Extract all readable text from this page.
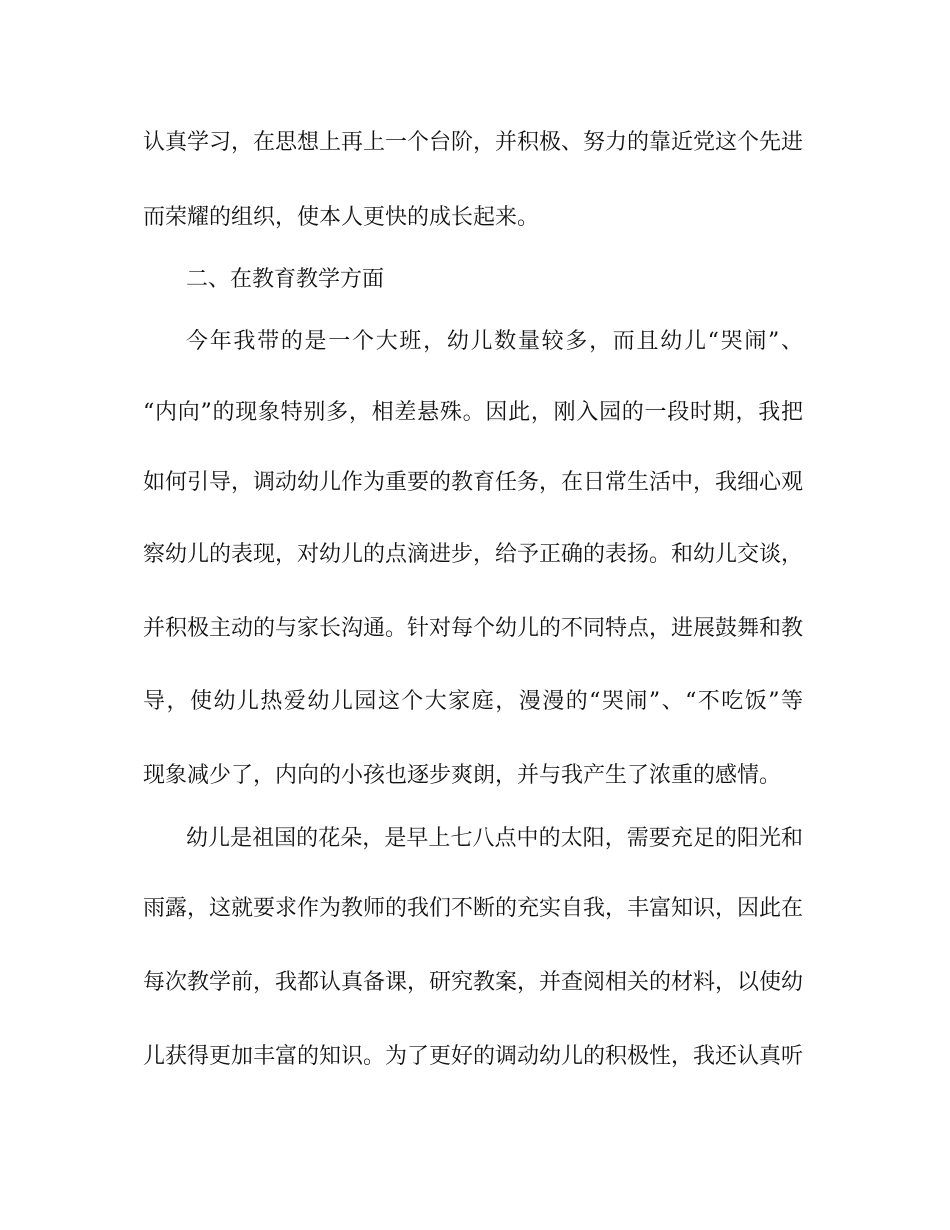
认真学习，在思想上再上一个台阶，并积极、努力的靠近党这个先进
而荣耀的组织，使本人更快的成长起来。
二、在教育教学方面
今年我带的是一个大班，幼儿数量较多，而且幼儿“哭闹”、
“内向”的现象特别多，相差悬殊。因此，刚入园的一段时期，我把
如何引导，调动幼儿作为重要的教育任务，在日常生活中，我细心观
察幼儿的表现，对幼儿的点滴进步，给予正确的表扬。和幼儿交谈，
并积极主动的与家长沟通。针对每个幼儿的不同特点，进展鼓舞和教
导，使幼儿热爱幼儿园这个大家庭，漫漫的“哭闹”、“不吃饭”等
现象减少了，内向的小孩也逐步爽朗，并与我产生了浓重的感情。
幼儿是祖国的花朵，是早上七八点中的太阳，需要充足的阳光和
雨露，这就要求作为教师的我们不断的充实自我，丰富知识，因此在
每次教学前，我都认真备课，研究教案，并查阅相关的材料，以使幼
儿获得更加丰富的知识。为了更好的调动幼儿的积极性，我还认真听
